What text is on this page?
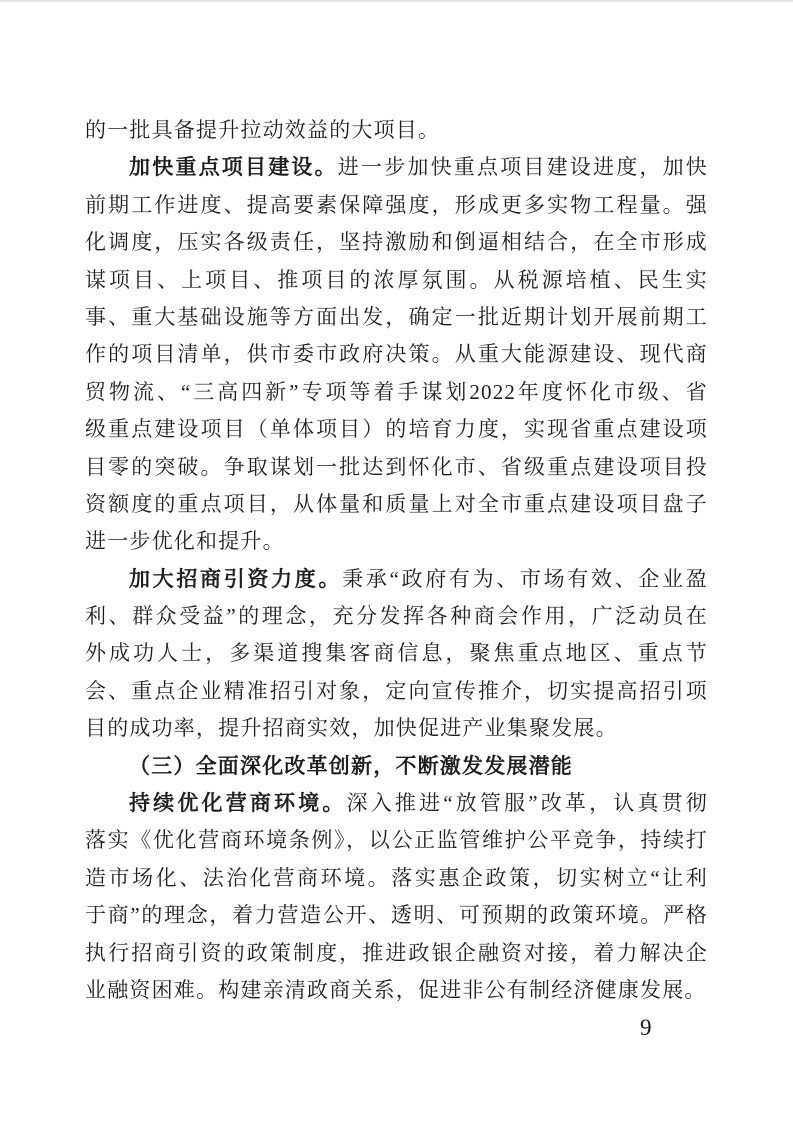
的一批具备提升拉动效益的大项目。
加快重点项目建设。进一步加快重点项目建设进度，加快
前期工作进度、提高要素保障强度，形成更多实物工程量。强
化调度，压实各级责任，坚持激励和倒逼相结合，在全市形成
谋项目、上项目、推项目的浓厚氛围。从税源培植、民生实
事、重大基础设施等方面出发，确定一批近期计划开展前期工
作的项目清单，供市委市政府决策。从重大能源建设、现代商
贸物流、“三高四新”专项等着手谋划2022年度怀化市级、省
级重点建设项目（单体项目）的培育力度，实现省重点建设项
目零的突破。争取谋划一批达到怀化市、省级重点建设项目投
资额度的重点项目，从体量和质量上对全市重点建设项目盘子
进一步优化和提升。
加大招商引资力度。秉承“政府有为、市场有效、企业盈
利、群众受益”的理念，充分发挥各种商会作用，广泛动员在
外成功人士，多渠道搜集客商信息，聚焦重点地区、重点节
会、重点企业精准招引对象，定向宣传推介，切实提高招引项
目的成功率，提升招商实效，加快促进产业集聚发展。
（三）全面深化改革创新，不断激发发展潜能
持续优化营商环境。深入推进“放管服”改革，认真贯彻
落实《优化营商环境条例》，以公正监管维护公平竞争，持续打
造市场化、法治化营商环境。落实惠企政策，切实树立“让利
于商”的理念，着力营造公开、透明、可预期的政策环境。严格
执行招商引资的政策制度，推进政银企融资对接，着力解决企
业融资困难。构建亲清政商关系，促进非公有制经济健康发展。
9
